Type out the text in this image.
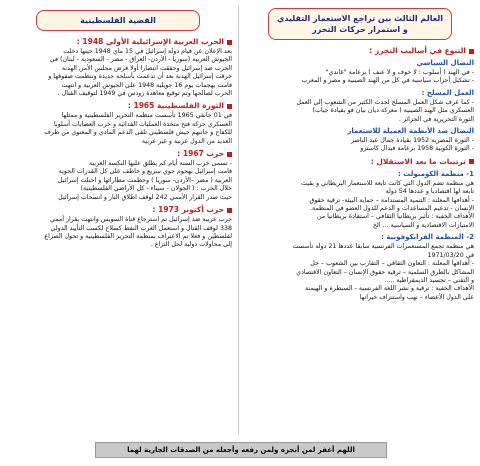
العالم الثالث بين تراجع الاستعمار التقليدي و استمرار حركات التحرر
التنوع في أساليب التحرر :
النضال السياسي
- في الهند ( أسلوب : لا خوف و لا عنف ) بزعامة "غاندي"
- تشكيل أحزاب سياسية في كل من الهند الصينية و مصر و المغرب
العمل المسلح :
- كما عرف شكل العمل المسلح لحدث الكثير من الشعوب إلى العمل
العسكري مثل الهند الصينية ( معركة ديان بيان فو بقيادة جياب)
الثورة التحريرية في الجزائر .
النضال ضد الأنظمة العميلة للاستعمار
- الثورة المصرية 1952 بقيادة جمال عبد الناصر
- الثورة الكوبية 1958 بزعامة فيدال كاسترو
ترتيبات ما بعد الاستقلال :
1- منظمة الكومنولث :
هي منظمة تضم الدول التي كانت تابعة للاستعمار البريطاني و بقيت
تابعة لها اقتصاديا و عددها 54 دولة
- أهدافها المعلنة : التنمية المستدامة – حماية البيئة- ترقية حقوق
الإنسان - تدعيم المساعدات و الدعم للدول العضو في المنظمة.
الأهداف الخفية : تأثير بريطانيا الثقافي – استفادة بريطانيا من
الامتيازات الاقتصادية و السياسية ... الخ
2- المنظمة الفرانكوفونية :
هي منظمة تجمع المستعمرات الفرنسية سابقا عددها 21 دولة تأسست
في 1971/03/20
- أهدافها المعلنة : التعاون الثقافي – التقارب بين الشعوب – حل
المشاكل بالطرق السلمية – ترقية حقوق الإنسان – التعاون الاقتصادي
و التقني – تجسيد الديمقراطية .....
الأهداف الخفية : ترقية و نشر اللغة الفرنسية - السيطرة و الهيمنة
على الدول الأعضاء – نهب واستنزاف خيراتها
القضية الفلسطينية
الحرب العربية الإسرائيلية الأولى 1948 :
بعد الإعلان عن قيام دولة إسرائيل في 15 ماي 1948 حينها دخلت
الجيوش العربية (سوريا - الأردن- العراق - مصر - السعودية - لبنان) في
الحرب ضد إسرائيل وحققت انتصارا أولا فرض مجلس الأمن الهدنة
خرقت إسرائيل الهدنة بعد أن تدعمت بأسلحة جديدة وتنظمت صفوفها و
قامت بهجمات يوم 16 جويلية 1948 على الجيوش العربية و انتهت
الحرب لصالحها وتم توقيع معاهدة رودس في 1949 لتوقيف القتال .
الثورة الفلسطينية 1965 :
في 01 جانفي 1965 تأسست منظمة التحرير الفلسطينية و ممثلها
العسكري حركة فتح متخذة العمليات الفدائية و حرب العصابات أسلوبا
للكفاح و جانبهم جيش فلسطيني تلقى الدعم المادي و المعنوي من طرف
العديد من الدول عربية و غير عربية
حرب 1967 :
- تسمى حرب الستة أيام كم يطلق عليها النكسة العربية
قامت إسرائيل بهجوم جوي سريع و خاطف على كل القدرات الجوية
العربية ( مصر –الأردن- سوريا ) وحطمت مطاراتها و احتلت إسرائيل
خلال الحرب : ( الجولان - سيناء - كل الأراضي الفلسطينية)
حيث صدر القرار الأممي 242 لوقف اطلاق النار و انسحاب إسرائيل
حرب أكتوبر 1973 :
حرب عربية ضد إسرائيل تم استرجاع قناة السويس وانتهت بقرار أممي
338 لوقف القتال و استعمل العرب النفط كسلاح لكسب التأييد الدولي
لفلسطين و فعلا تم الاعتراف بمنظمة التحرير الفلسطينية و تحول الصراع
إلى محاولات دولية لحل النزاع .
اللهم أغفر لمن أنجزه ولمن رفعه وأجعله من الصدقات الجارية لهما
